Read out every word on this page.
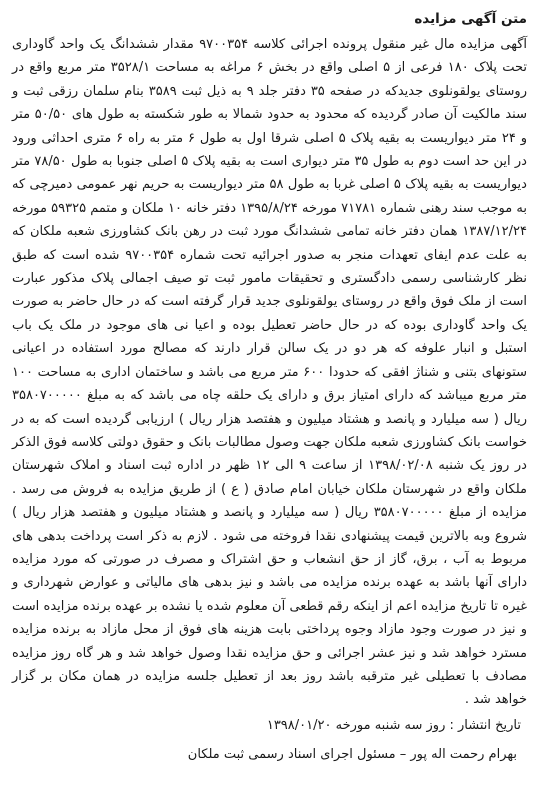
متن آگهی مزایده

آگهی مزایده مال غیر منقول پرونده اجرائی کلاسه ۹۷۰۰۳۵۴ مقدار ششدانگ یک واحد گاوداری تحت پلاک ۱۸۰ فرعی از ۵ اصلی واقع در بخش ۶ مراغه به مساحت ۳۵۲۸/۱ متر مربع واقع در روستای یولقونلوی جدیدکه در صفحه ۳۵ دفتر جلد ۹ به ذیل ثبت ۳۵۸۹ بنام سلمان رزقی ثبت و سند مالکیت آن صادر گردیده که محدود به حدود شمالا به طور شکسته به طول های ۵۰/۵۰ متر و ۲۴ متر دیواریست به بقیه پلاک ۵ اصلی شرقا اول به طول ۶ متر به راه ۶ متری احداثی ورود در این حد است دوم به طول ۳۵ متر دیواری است به بقیه پلاک ۵ اصلی جنوبا به طول ۷۸/۵۰ متر دیواریست به بقیه پلاک ۵ اصلی غربا به طول ۵۸ متر دیواریست به حریم نهر عمومی دمیرچی که به موجب سند رهنی شماره ۷۱۷۸۱ مورخه ۱۳۹۵/۸/۲۴ دفتر خانه ۱۰ ملکان و متمم ۵۹۳۲۵ مورخه ۱۳۸۷/۱۲/۲۴ همان دفتر خانه تمامی ششدانگ مورد ثبت در رهن بانک کشاورزی شعبه ملکان که به علت عدم ایفای تعهدات منجر به صدور اجرائیه تحت شماره ۹۷۰۰۳۵۴ شده است که طبق نظر کارشناسی رسمی دادگستری و تحقیقات مامور ثبت تو صیف اجمالی پلاک مذکور عبارت است از ملک فوق واقع در روستای یولقونلوی جدید قرار گرفته است که در حال حاضر به صورت یک واحد گاوداری بوده که در حال حاضر تعطیل بوده و اعیا نی های موجود در ملک یک باب استبل و انبار علوفه که هر دو در یک سالن قرار دارند که مصالح مورد استفاده در اعیانی ستونهای بتنی و شناژ افقی که حدودا ۶۰۰ متر مربع می باشد و ساختمان اداری به مساحت ۱۰۰ متر مربع میباشد که دارای امتیاز برق و دارای یک حلقه چاه می باشد که به مبلغ ۳۵۸۰۷۰۰۰۰۰ ریال ( سه میلیارد و پانصد و هشتاد میلیون و هفتصد هزار ریال ) ارزیابی گردیده است که به در خواست بانک کشاورزی شعبه ملکان جهت وصول مطالبات بانک و حقوق دولتی کلاسه فوق الذکر در روز یک شنبه ۱۳۹۸/۰۲/۰۸ از ساعت ۹ الی ۱۲ ظهر در اداره ثبت اسناد و املاک شهرستان ملکان واقع در شهرستان ملکان خیابان امام صادق ( ع ) از طریق مزایده به فروش می رسد . مزایده از مبلغ ۳۵۸۰۷۰۰۰۰۰ ریال ( سه میلیارد و پانصد و هشتاد میلیون و هفتصد هزار ریال ) شروع وبه بالاترین قیمت پیشنهادی نقدا فروخته می شود . لازم به ذکر است پرداخت بدهی های مربوط به آب ، برق، گاز از حق انشعاب و حق اشتراک و مصرف در صورتی که مورد مزایده دارای آنها باشد به عهده برنده مزایده می باشد و نیز بدهی های مالیاتی و عوارض شهرداری و غیره تا تاریخ مزایده اعم از اینکه رقم قطعی آن معلوم شده یا نشده بر عهده برنده مزایده است و نیز در صورت وجود مازاد وجوه پرداختی بابت هزینه های فوق از محل مازاد به برنده مزایده مسترد خواهد شد و نیز عشر اجرائی و حق مزایده نقدا وصول خواهد شد و هر گاه روز مزایده مصادف با تعطیلی غیر مترقبه باشد روز بعد از تعطیل جلسه مزایده در همان مکان بر گزار خواهد شد .

تاریخ انتشار : روز سه شنبه مورخه ۱۳۹۸/۰۱/۲۰
بهرام رحمت اله پور – مسئول اجرای اسناد رسمی ثبت ملکان
